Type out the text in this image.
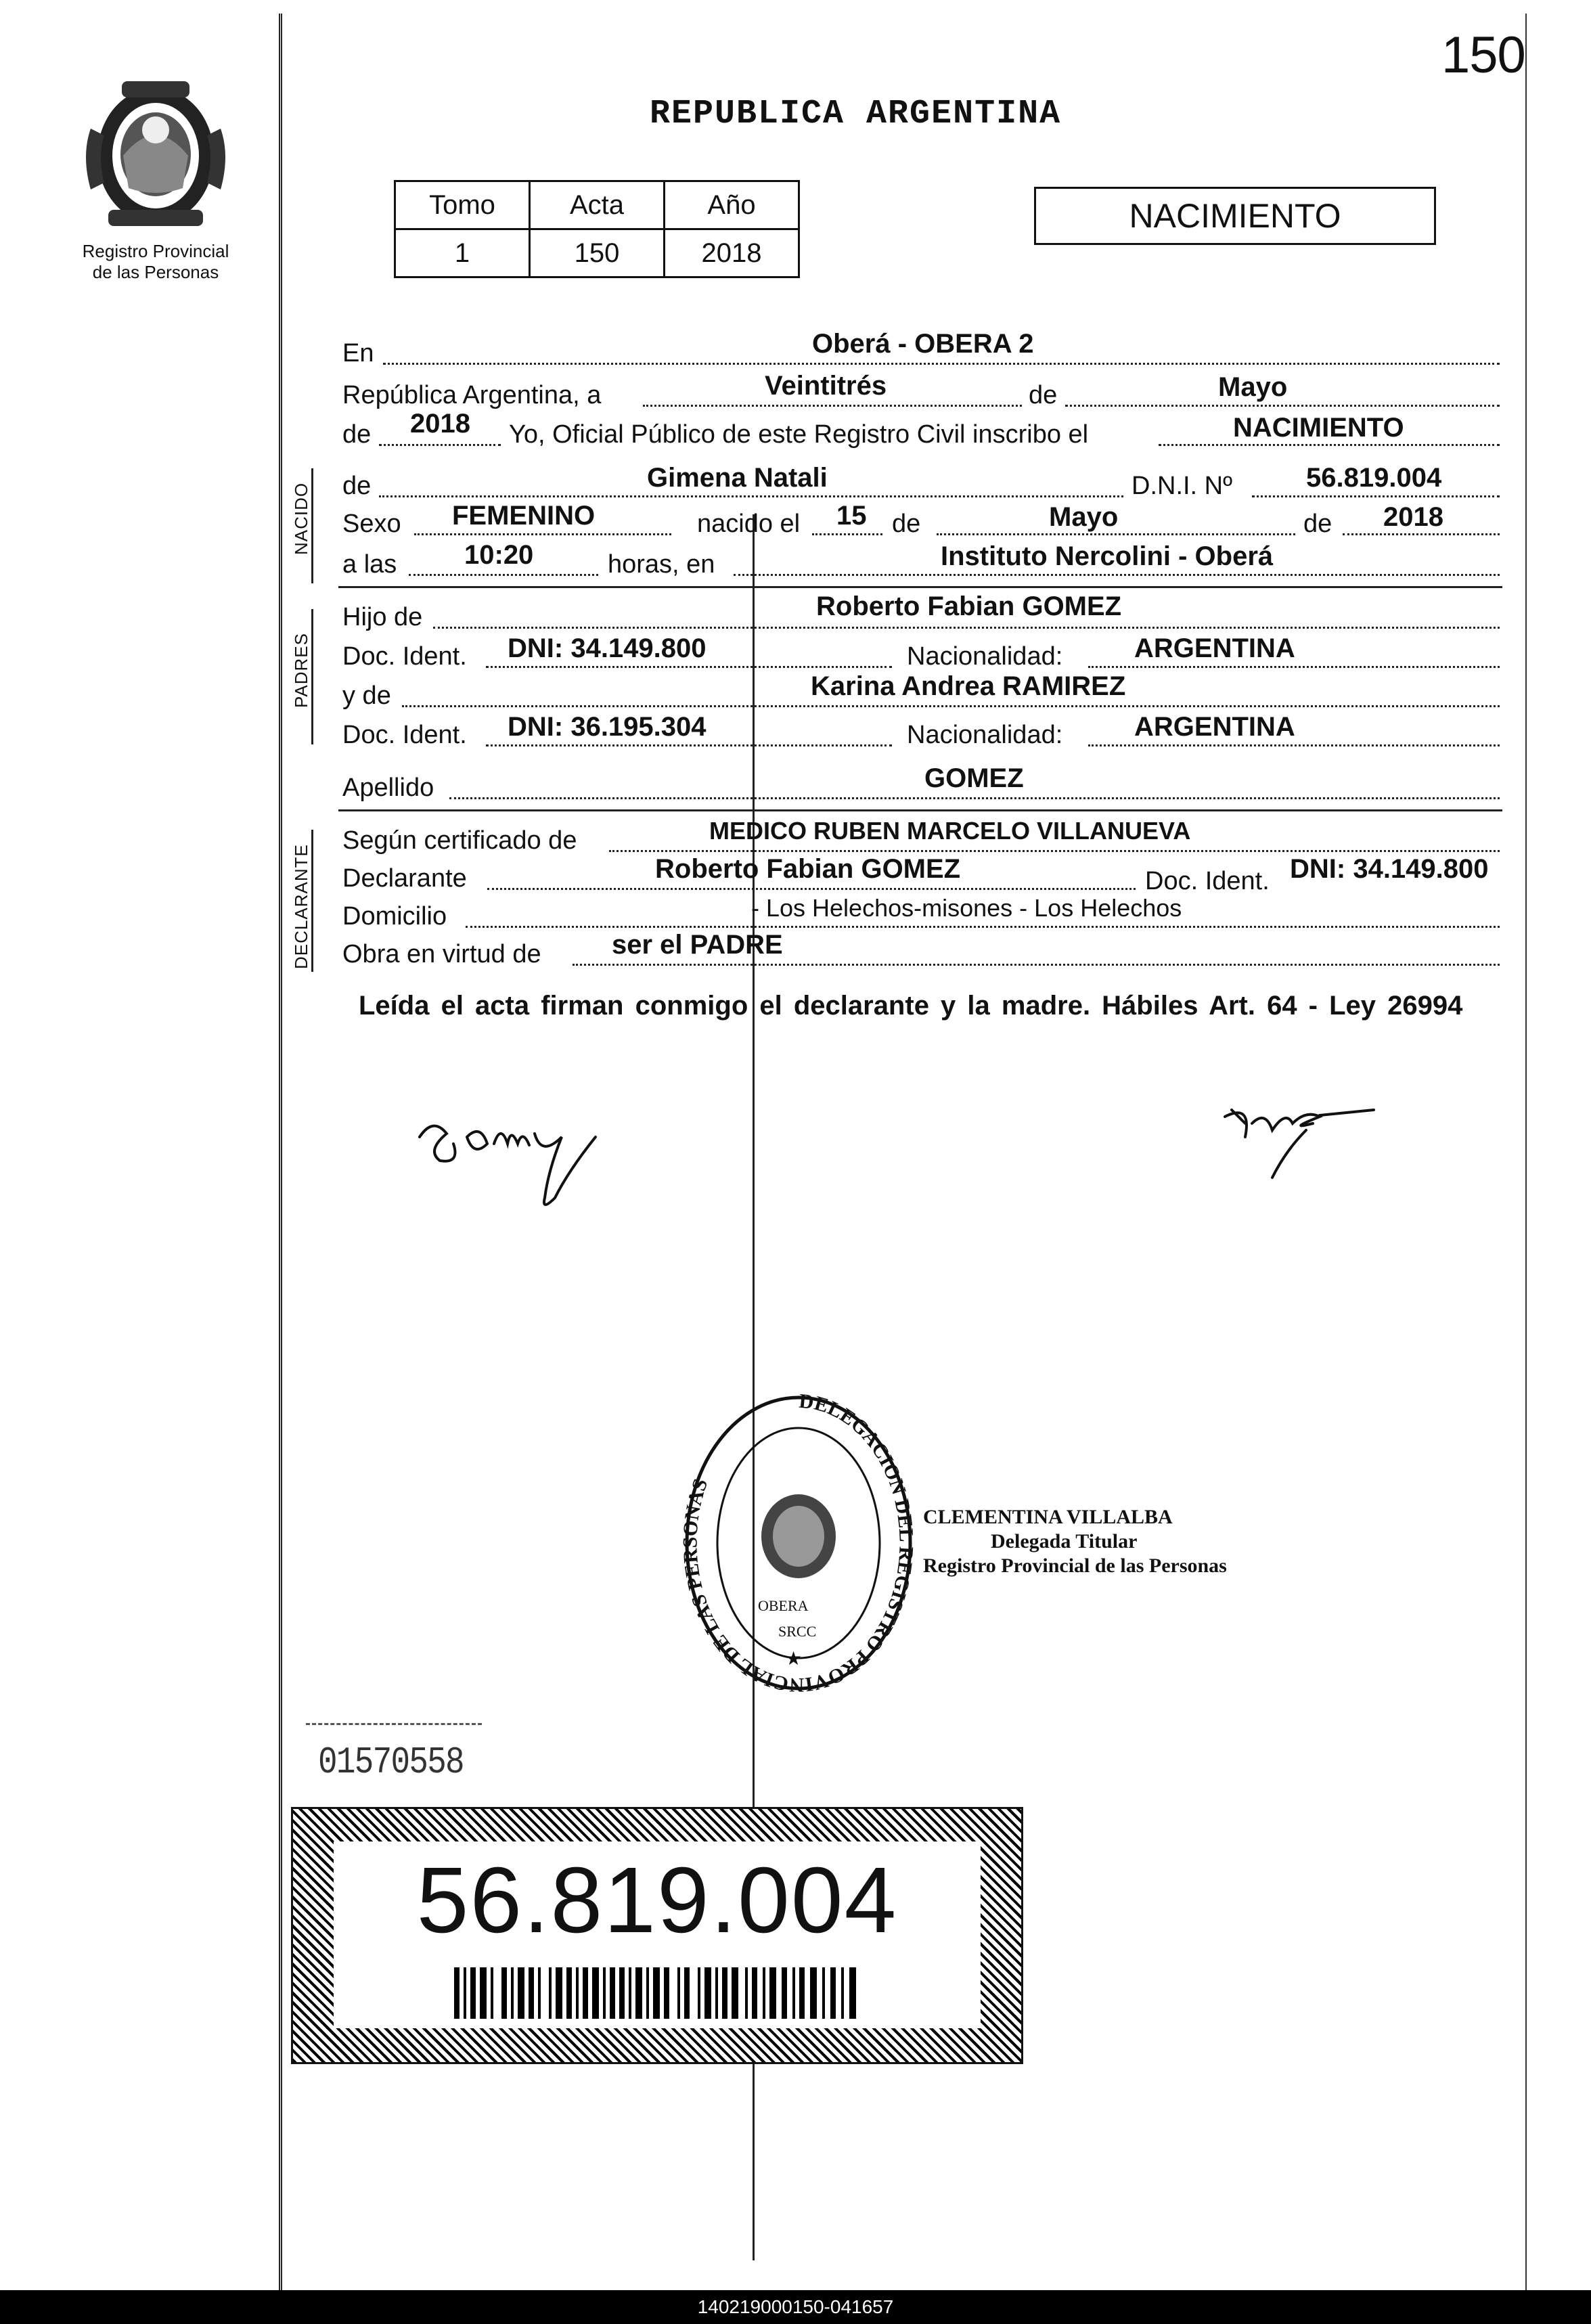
Registro Provincial
de las Personas
150
REPUBLICA ARGENTINA
Tomo	Acta	Año
1	150	2018
NACIMIENTO
En	Oberá - OBERA 2
República Argentina, a	Veintitrés	de	Mayo
de 2018 Yo, Oficial Público de este Registro Civil inscribo el	NACIMIENTO
NACIDO de	Gimena Natali	D.N.I. Nº	56.819.004
Sexo FEMENINO	nacido el 15 de	Mayo	de 2018
a las 10:20	horas, en	Instituto Nercolini - Oberá
PADRES
Hijo de	Roberto Fabian GOMEZ
Doc. Ident. DNI: 34.149.800	Nacionalidad:	ARGENTINA
y de	Karina Andrea RAMIREZ
Doc. Ident. DNI: 36.195.304	Nacionalidad:	ARGENTINA
Apellido	GOMEZ
DECLARANTE
Según certificado de	MEDICO RUBEN MARCELO VILLANUEVA
Declarante	Roberto Fabian GOMEZ	Doc. Ident. DNI: 34.149.800
Domicilio	- Los Helechos-misones - Los Helechos
Obra en virtud de	ser el PADRE
Leída el acta firman conmigo el declarante y la madre. Hábiles Art. 64 - Ley 26994
DELEGACION DEL REGISTRO PROVINCIAL DE LAS PERSONAS
OBERA
SRCC
★
CLEMENTINA VILLALBA
Delegada Titular
Registro Provincial de las Personas
01570558
56.819.004
140219000150-041657
